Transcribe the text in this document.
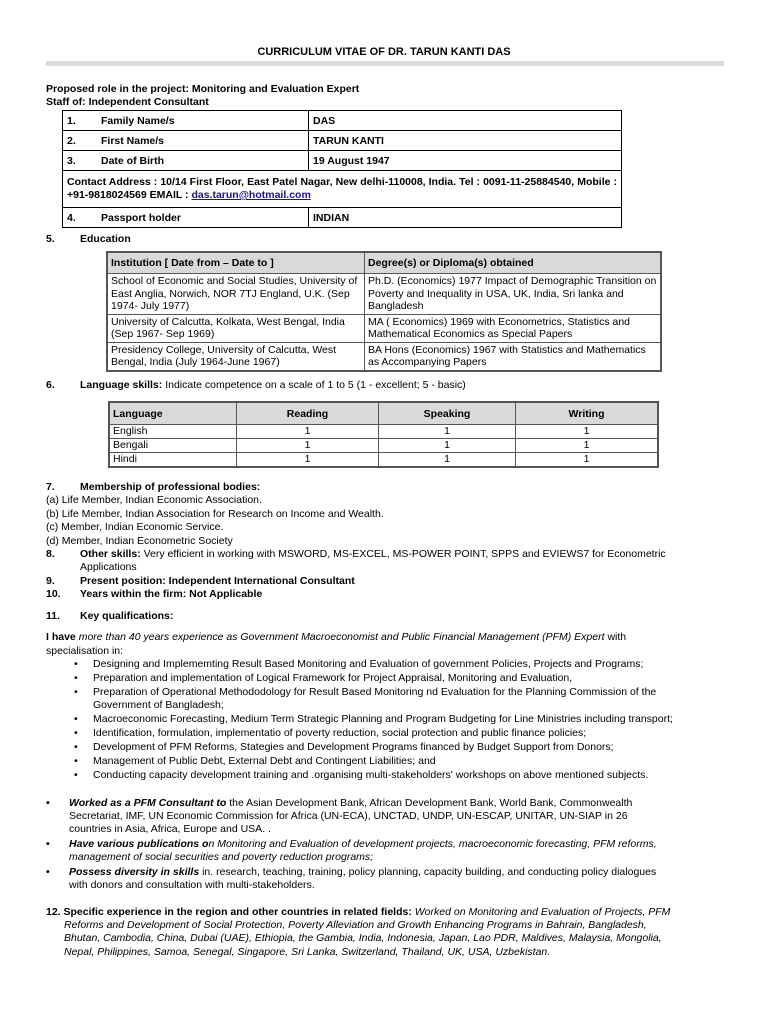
CURRICULUM VITAE OF DR. TARUN KANTI DAS
Proposed role in the project: Monitoring and Evaluation Expert
Staff of: Independent Consultant
1.	Family Name/s	DAS
2.	First Name/s	TARUN KANTI
3.	Date of Birth	19 August 1947
Contact Address : 10/14 First Floor, East Patel Nagar, New delhi-110008, India. Tel : 0091-11-25884540, Mobile : +91-9818024569 EMAIL : das.tarun@hotmail.com		
4.	Passport holder	INDIAN
5. Education
Institution [ Date from – Date to ]	Degree(s) or Diploma(s) obtained
School of Economic and Social Studies, University of East Anglia, Norwich, NOR 7TJ England, U.K. (Sep 1974- July 1977)	Ph.D. (Economics) 1977 Impact of Demographic Transition on Poverty and Inequality in USA, UK, India, Sri lanka and Bangladesh
University of Calcutta, Kolkata, West Bengal, India (Sep 1967- Sep 1969)	MA ( Economics) 1969 with Econometrics, Statistics and Mathematical Economics as Special Papers
Presidency College, University of Calcutta, West Bengal, India (July 1964-June 1967)	BA Hons (Economics) 1967 with Statistics and Mathematics as Accompanying Papers
6. Language skills: Indicate competence on a scale of 1 to 5 (1 - excellent; 5 - basic)
Language	Reading	Speaking	Writing
English	1	1	1
Bengali	1	1	1
Hindi	1	1	1
7. Membership of professional bodies:
(a) Life Member, Indian Economic Association.
(b) Life Member, Indian Association for Research on Income and Wealth.
(c) Member, Indian Economic Service.
(d) Member, Indian Econometric Society
8. Other skills: Very efficient in working with MSWORD, MS-EXCEL, MS-POWER POINT, SPPS and EVIEWS7 for Econometric
Applications
9. Present position: Independent International Consultant
10. Years within the firm: Not Applicable
11. Key qualifications:
I have more than 40 years experience as Government Macroeconomist and Public Financial Management (PFM) Expert with
specialisation in:
• Designing and Implememting Result Based Monitoring and Evaluation of government Policies, Projects and Programs;
• Preparation and implementation of Logical Framework for Project Appraisal, Monitoring and Evaluation,
• Preparation of Operational Methododology for Result Based Monitoring nd Evaluation for the Planning Commission of the
Government of Bangladesh;
• Macroeconomic Forecasting, Medium Term Strategic Planning and Program Budgeting for Line Ministries including transport;
• Identification, formulation, implementatio of poverty reduction, social protection and public finance policies;
• Development of PFM Reforms, Stategies and Development Programs financed by Budget Support from Donors;
• Management of Public Debt, External Debt and Contingent Liabilities; and
• Conducting capacity development training and .organising multi-stakeholders' workshops on above mentioned subjects.
• Worked as a PFM Consultant to the Asian Development Bank, African Development Bank, World Bank, Commonwealth
Secretariat, IMF, UN Economic Commission for Africa (UN-ECA), UNCTAD, UNDP, UN-ESCAP, UNITAR, UN-SIAP in 26
countries in Asia, Africa, Europe and USA. .
• Have various publications on Monitoring and Evaluation of development projects, macroeconomic forecasting, PFM reforms,
management of social securities and poverty reduction programs;
• Possess diversity in skills in. research, teaching, training, policy planning, capacity building, and conducting policy dialogues
with donors and consultation with multi-stakeholders.
12. Specific experience in the region and other countries in related fields: Worked on Monitoring and Evaluation of Projects, PFM
Reforms and Development of Social Protection, Poverty Alleviation and Growth Enhancing Programs in Bahrain, Bangladesh,
Bhutan, Cambodia, China, Dubai (UAE), Ethiopia, the Gambia, India, Indonesia, Japan, Lao PDR, Maldives, Malaysia, Mongolia,
Nepal, Philippines, Samoa, Senegal, Singapore, Sri Lanka, Switzerland, Thailand, UK, USA, Uzbekistan.
